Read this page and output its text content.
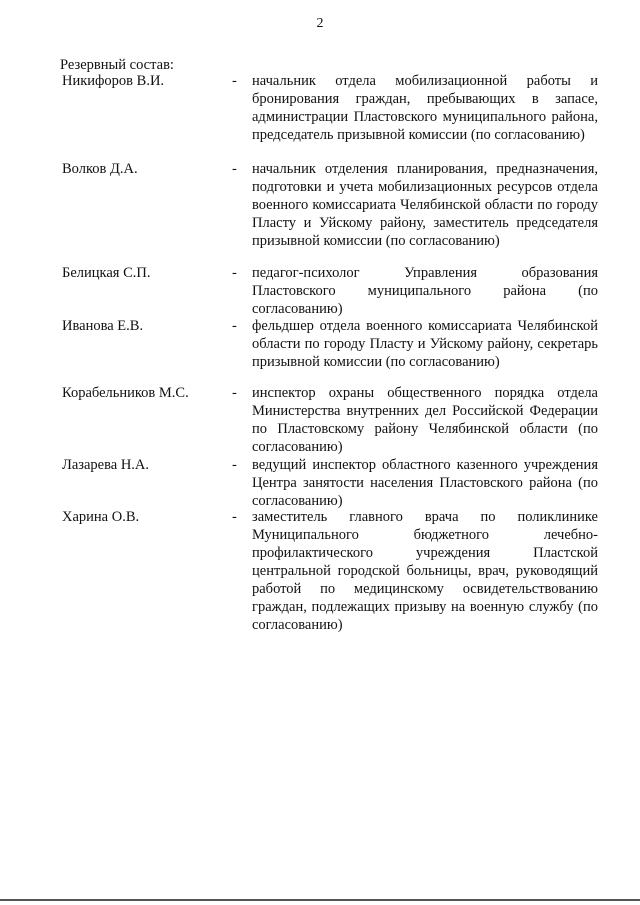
2
Резервный состав:
Никифоров В.И.	- начальник отдела мобилизационной работы и бронирования граждан, пребывающих в запасе, администрации Пластовского муниципального района, председатель призывной комиссии (по согласованию)
Волков Д.А.	- начальник отделения планирования, предназначения, подготовки и учета мобилизационных ресурсов отдела военного комиссариата Челябинской области по городу Пласту и Уйскому району, заместитель председателя призывной комиссии (по согласованию)
Белицкая С.П.	- педагог-психолог Управления образования Пластовского муниципального района (по согласованию)
Иванова Е.В.	- фельдшер отдела военного комиссариата Челябинской области по городу Пласту и Уйскому району, секретарь призывной комиссии (по согласованию)
Корабельников М.С.	- инспектор охраны общественного порядка отдела Министерства внутренних дел Российской Федерации по Пластовскому району Челябинской области (по согласованию)
Лазарева Н.А.	- ведущий инспектор областного казенного учреждения Центра занятости населения Пластовского района (по согласованию)
Харина О.В.	- заместитель главного врача по поликлинике Муниципального бюджетного лечебно-профилактического учреждения Пластской центральной городской больницы, врач, руководящий работой по медицинскому освидетельствованию граждан, подлежащих призыву на военную службу (по согласованию)
